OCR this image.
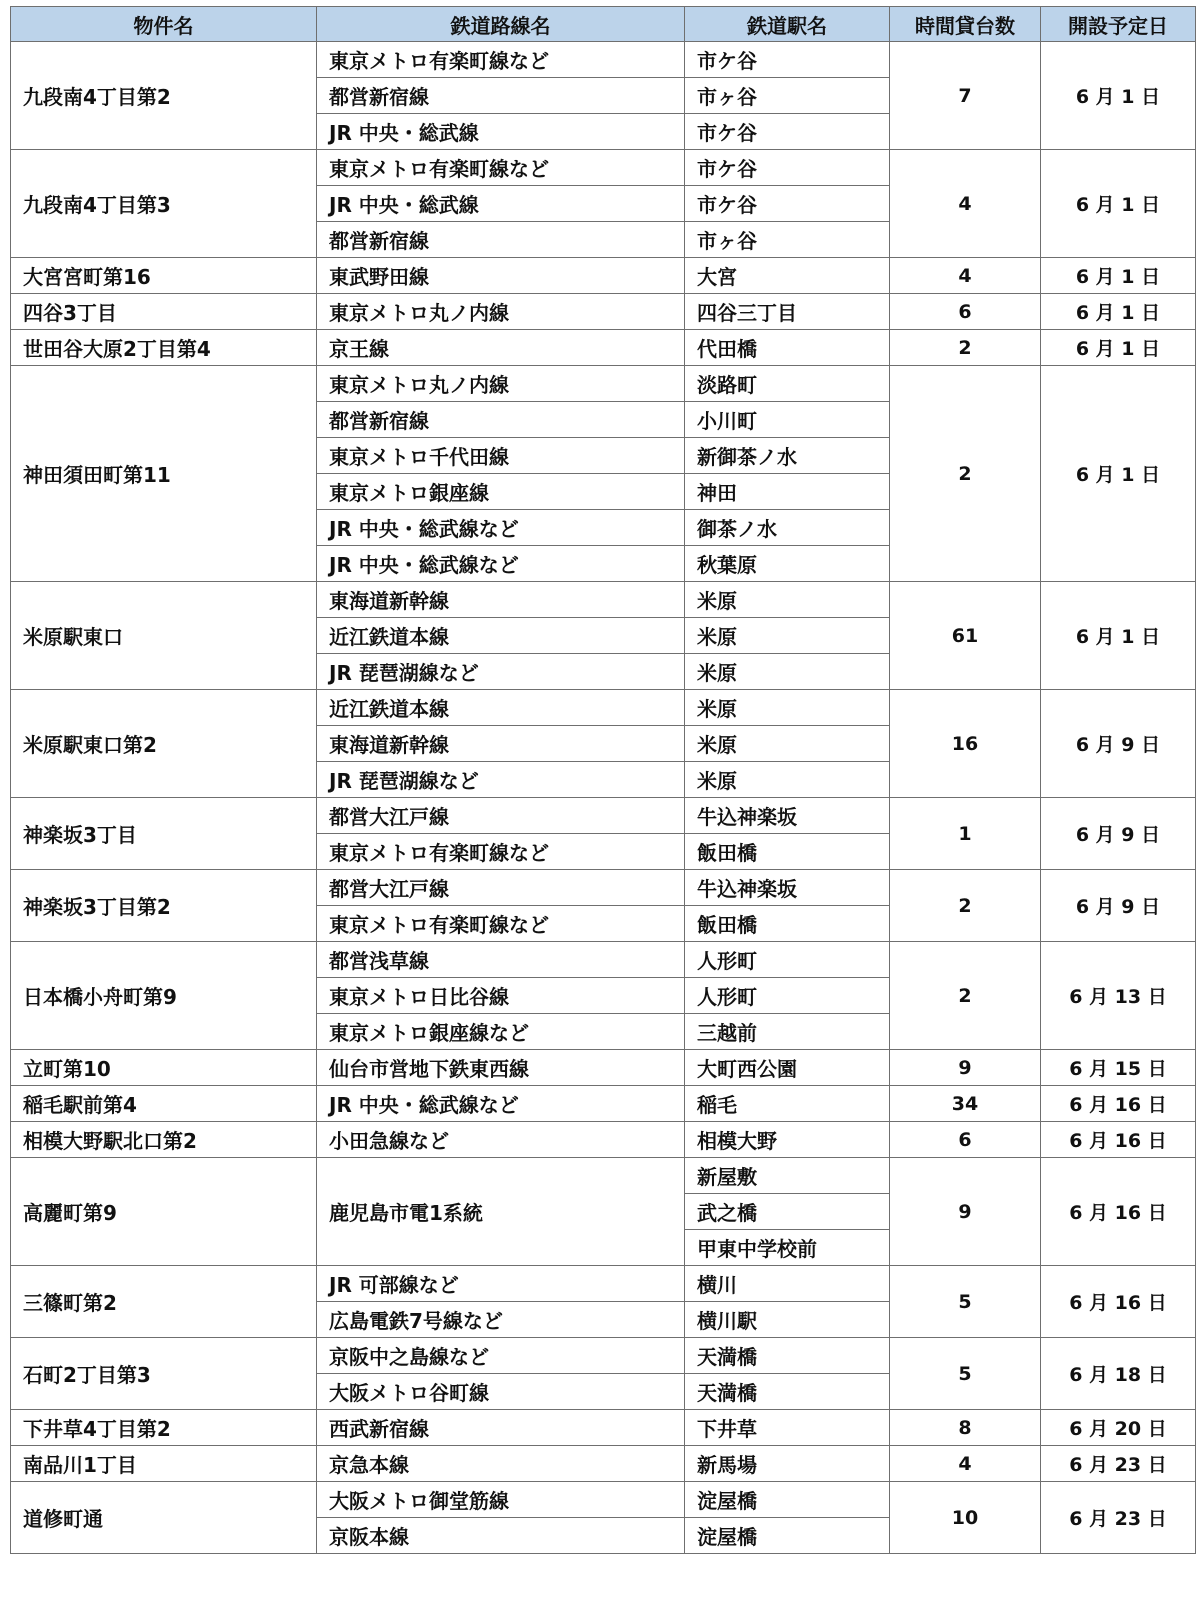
物件名	鉄道路線名	鉄道駅名	時間貸台数	開設予定日
九段南4丁目第2	東京メトロ有楽町線など	市ケ谷	7	6 月 1 日
	都営新宿線	市ヶ谷		
	JR 中央・総武線	市ケ谷		
九段南4丁目第3	東京メトロ有楽町線など	市ケ谷	4	6 月 1 日
	JR 中央・総武線	市ケ谷		
	都営新宿線	市ヶ谷		
大宮宮町第16	東武野田線	大宮	4	6 月 1 日
四谷3丁目	東京メトロ丸ノ内線	四谷三丁目	6	6 月 1 日
世田谷大原2丁目第4	京王線	代田橋	2	6 月 1 日
神田須田町第11	東京メトロ丸ノ内線	淡路町	2	6 月 1 日
	都営新宿線	小川町		
	東京メトロ千代田線	新御茶ノ水		
	東京メトロ銀座線	神田		
	JR 中央・総武線など	御茶ノ水		
	JR 中央・総武線など	秋葉原		
米原駅東口	東海道新幹線	米原	61	6 月 1 日
	近江鉄道本線	米原		
	JR 琵琶湖線など	米原		
米原駅東口第2	近江鉄道本線	米原	16	6 月 9 日
	東海道新幹線	米原		
	JR 琵琶湖線など	米原		
神楽坂3丁目	都営大江戸線	牛込神楽坂	1	6 月 9 日
	東京メトロ有楽町線など	飯田橋		
神楽坂3丁目第2	都営大江戸線	牛込神楽坂	2	6 月 9 日
	東京メトロ有楽町線など	飯田橋		
日本橋小舟町第9	都営浅草線	人形町	2	6 月 13 日
	東京メトロ日比谷線	人形町		
	東京メトロ銀座線など	三越前		
立町第10	仙台市営地下鉄東西線	大町西公園	9	6 月 15 日
稲毛駅前第4	JR 中央・総武線など	稲毛	34	6 月 16 日
相模大野駅北口第2	小田急線など	相模大野	6	6 月 16 日
高麗町第9	鹿児島市電1系統	新屋敷	9	6 月 16 日
		武之橋		
		甲東中学校前		
三篠町第2	JR 可部線など	横川	5	6 月 16 日
	広島電鉄7号線など	横川駅		
石町2丁目第3	京阪中之島線など	天満橋	5	6 月 18 日
	大阪メトロ谷町線	天満橋		
下井草4丁目第2	西武新宿線	下井草	8	6 月 20 日
南品川1丁目	京急本線	新馬場	4	6 月 23 日
道修町通	大阪メトロ御堂筋線	淀屋橋	10	6 月 23 日
	京阪本線	淀屋橋		
